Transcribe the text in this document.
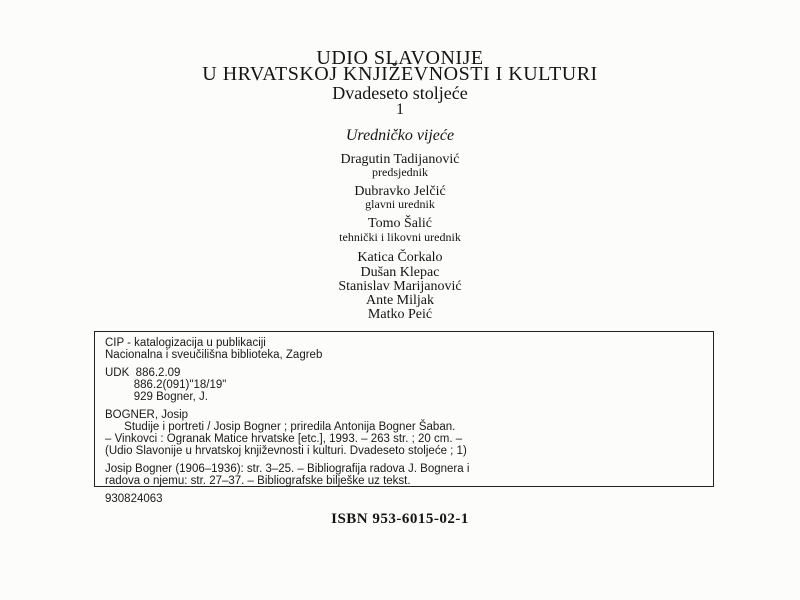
UDIO SLAVONIJE
U HRVATSKOJ KNJIŽEVNOSTI I KULTURI
Dvadeseto stoljeće
1
Uredničko vijeće
Dragutin Tadijanović
predsjednik
Dubravko Jelčić
glavni urednik
Tomo Šalić
tehnički i likovni urednik
Katica Čorkalo
Dušan Klepac
Stanislav Marijanović
Ante Miljak
Matko Peić
CIP - katalogizacija u publikaciji
Nacionalna i sveučilišna biblioteka, Zagreb
UDK  886.2.09
886.2(091)"18/19"
929 Bogner, J.
BOGNER, Josip
Studije i portreti / Josip Bogner ; priredila Antonija Bogner Šaban.
– Vinkovci : Ogranak Matice hrvatske [etc.], 1993. – 263 str. ; 20 cm. –
(Udio Slavonije u hrvatskoj književnosti i kulturi. Dvadeseto stoljeće ; 1)
Josip Bogner (1906–1936): str. 3–25. – Bibliografija radova J. Bognera i
radova o njemu: str. 27–37. – Bibliografske bilješke uz tekst.
930824063
ISBN 953-6015-02-1
